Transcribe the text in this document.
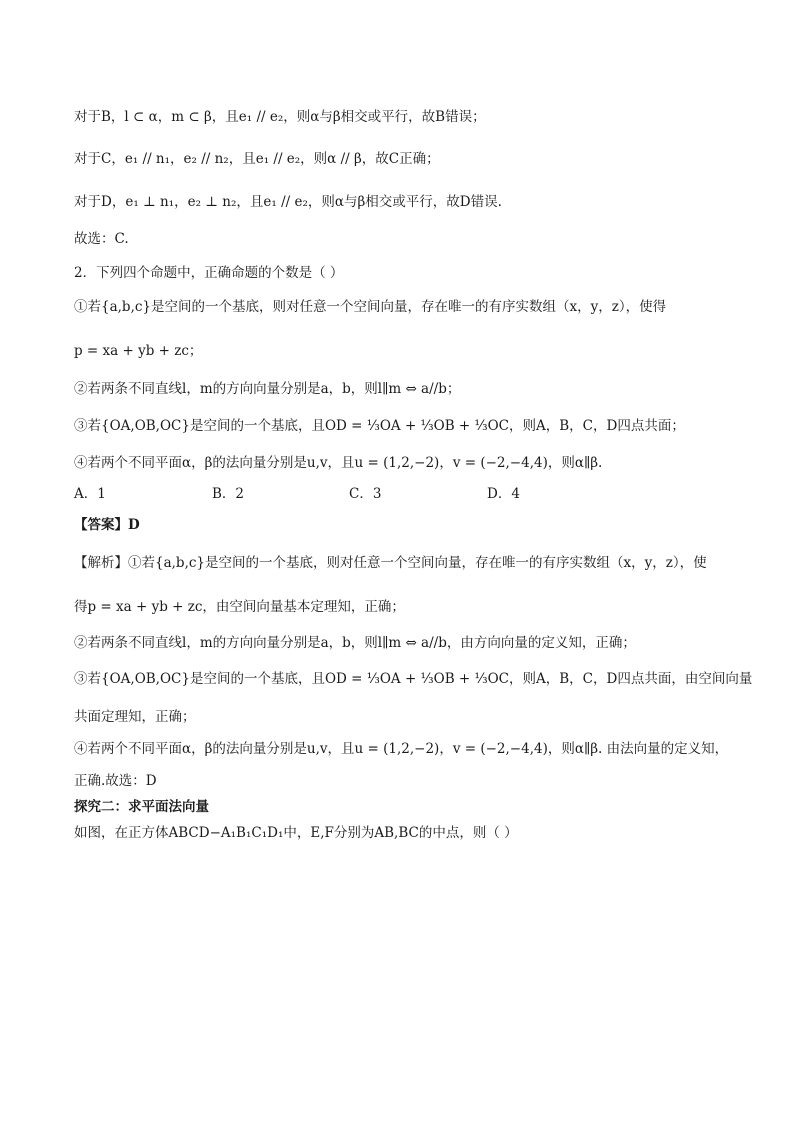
对于B，l ⊂ α，m ⊂ β，且e₁ // e₂，则α与β相交或平行，故B错误；
对于C，e₁ // n₁，e₂ // n₂，且e₁ // e₂，则α // β，故C正确；
对于D，e₁ ⊥ n₁，e₂ ⊥ n₂，且e₁ // e₂，则α与β相交或平行，故D错误.
故选：C.
2．下列四个命题中，正确命题的个数是（ ）
①若{a,b,c}是空间的一个基底，则对任意一个空间向量，存在唯一的有序实数组（x，y，z），使得
p = xa + yb + zc；
②若两条不同直线l，m的方向向量分别是a，b，则l∥m ⇔ a//b；
③若{OA,OB,OC}是空间的一个基底，且OD = ⅓OA + ⅓OB + ⅓OC，则A，B，C，D四点共面；
④若两个不同平面α，β的法向量分别是u,v，且u = (1,2,−2)，v = (−2,−4,4)，则α∥β.
A．1	B．2	C．3	D．4
【答案】D
【解析】①若{a,b,c}是空间的一个基底，则对任意一个空间向量，存在唯一的有序实数组（x，y，z），使
得p = xa + yb + zc，由空间向量基本定理知，正确；
②若两条不同直线l，m的方向向量分别是a，b，则l∥m ⇔ a//b，由方向向量的定义知，正确；
③若{OA,OB,OC}是空间的一个基底，且OD = ⅓OA + ⅓OB + ⅓OC，则A，B，C，D四点共面，由空间向量
共面定理知，正确；
④若两个不同平面α，β的法向量分别是u,v，且u = (1,2,−2)，v = (−2,−4,4)，则α∥β. 由法向量的定义知，
正确.故选：D
探究二：求平面法向量
如图，在正方体ABCD−A₁B₁C₁D₁中，E,F分别为AB,BC的中点，则（ ）
